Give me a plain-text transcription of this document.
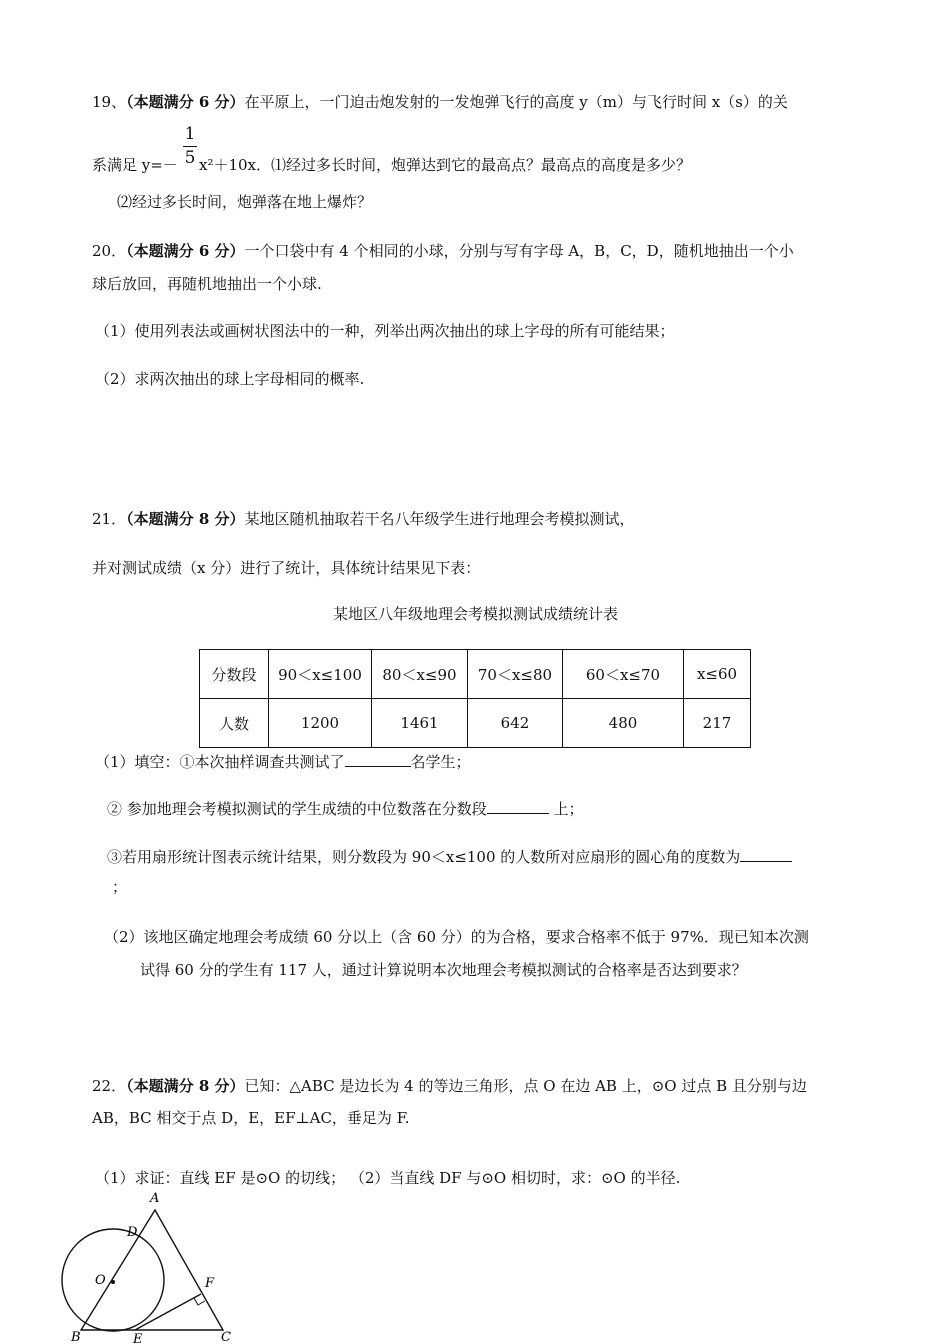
19、（本题满分 6 分）在平原上，一门迫击炮发射的一发炮弹飞行的高度 y（m）与飞行时间 x（s）的关
1
5
系满足 y=－ x²＋10x．⑴经过多长时间，炮弹达到它的最高点？最高点的高度是多少？
⑵经过多长时间，炮弹落在地上爆炸？
20．（本题满分 6 分）一个口袋中有 4 个相同的小球，分别与写有字母 A，B，C，D，随机地抽出一个小
球后放回，再随机地抽出一个小球.
（1）使用列表法或画树状图法中的一种，列举出两次抽出的球上字母的所有可能结果；
（2）求两次抽出的球上字母相同的概率.
21．（本题满分 8 分）某地区随机抽取若干名八年级学生进行地理会考模拟测试，
并对测试成绩（x 分）进行了统计，具体统计结果见下表：
某地区八年级地理会考模拟测试成绩统计表
分数段	90＜x≤100	80＜x≤90	70＜x≤80	60＜x≤70	x≤60
人数	1200	1461	642	480	217
（1）填空：①本次抽样调查共测试了	名学生；
② 参加地理会考模拟测试的学生成绩的中位数落在分数段	上；
③若用扇形统计图表示统计结果，则分数段为 90＜x≤100 的人数所对应扇形的圆心角的度数为
；
（2）该地区确定地理会考成绩 60 分以上（含 60 分）的为合格，要求合格率不低于 97%．现已知本次测
试得 60 分的学生有 117 人，通过计算说明本次地理会考模拟测试的合格率是否达到要求？
22．（本题满分 8 分）已知：△ABC 是边长为 4 的等边三角形，点 O 在边 AB 上，⊙O 过点 B 且分别与边
AB，BC 相交于点 D，E，EF⊥AC，垂足为 F.
（1）求证：直线 EF 是⊙O 的切线； （2）当直线 DF 与⊙O 相切时，求：⊙O 的半径.
A
D
O	F
B	E	C
